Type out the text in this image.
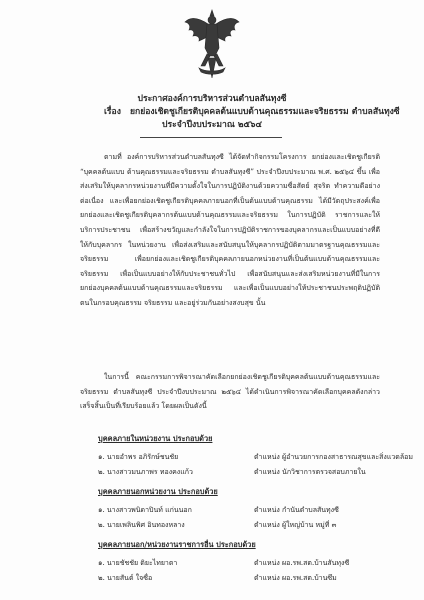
ประกาศองค์การบริหารส่วนตำบลสันทุงซี
เรื่อง ยกย่องเชิดชูเกียรติบุคคลต้นแบบด้านคุณธรรมและจริยธรรม ตำบลสันทุงซี
ประจำปีงบประมาณ ๒๕๖๔
ตามที่ องค์การบริหารส่วนตำบลสันทุงซี ได้จัดทำกิจกรรมโครงการ ยกย่องและเชิดชูเกียรติ “บุคคลต้นแบบ ด้านคุณธรรมและจริยธรรม ตำบลสันทุงซี” ประจำปีงบประมาณ พ.ศ. ๒๕๖๔ ขึ้น เพื่อส่งเสริมให้บุคลากรหน่วยงานที่มีความตั้งใจในการปฏิบัติงานด้วยความซื่อสัตย์ สุจริต ทำความดีอย่างต่อเนื่อง และเพื่อยกย่องเชิดชูเกียรติบุคคลภายนอกที่เป็นต้นแบบด้านคุณธรรม ได้มีวัตถุประสงค์เพื่อยกย่องและเชิดชูเกียรติบุคลากรต้นแบบด้านคุณธรรมและจริยธรรม ในการปฏิบัติ ราชการและให้บริการประชาชน เพื่อสร้างขวัญและกำลังใจในการปฏิบัติราชการของบุคลากรและเป็นแบบอย่างที่ดีให้กับบุคลากร ในหน่วยงาน เพื่อส่งเสริมและสนับสนุนให้บุคลากรปฏิบัติตามมาตรฐานคุณธรรมและจริยธรรม เพื่อยกย่องและเชิดชูเกียรติบุคคลภายนอกหน่วยงานที่เป็นต้นแบบด้านคุณธรรมและจริยธรรม เพื่อเป็นแบบอย่างให้กับประชาชนทั่วไป เพื่อสนับสนุนและส่งเสริมหน่วยงานที่มีในการยกย่องบุคคลต้นแบบด้านคุณธรรมและจริยธรรม และเพื่อเป็นแบบอย่างให้ประชาชนประพฤติปฏิบัติตนในกรอบคุณธรรม จริยธรรม และอยู่ร่วมกันอย่างสงบสุข นั้น
ในการนี้ คณะกรรมการพิจารณาคัดเลือกยกย่องเชิดชูเกียรติบุคคลต้นแบบด้านคุณธรรมและจริยธรรม ตำบลสันทุงซี ประจำปีงบประมาณ ๒๕๖๔ ได้ดำเนินการพิจารณาคัดเลือกบุคคลดังกล่าว เสร็จสิ้นเป็นที่เรียบร้อยแล้ว โดยผลเป็นดังนี้
บุคคลภายในหน่วยงาน ประกอบด้วย
๑. นายอำพร อภิรักษ์ชนชัย	ตำแหน่ง ผู้อำนวยการกองสาธารณสุขและสิ่งแวดล้อม
๒. นางสาวมนภาพร ทองคงแก้ว	ตำแหน่ง นักวิชาการตรวจสอบภายใน
บุคคลภายนอกหน่วยงาน ประกอบด้วย
๑. นางสาวพนิดาปินท์ แก่นนอก	ตำแหน่ง กำนันตำบลสันทุงซี
๒. นายเพลินพิศ อินทองหลาง	ตำแหน่ง ผู้ใหญ่บ้าน หมู่ที่ ๓
บุคคลภายนอก/หน่วยงานราชการอื่น ประกอบด้วย
๑. นายชัชชัย ติยะไทยาตา	ตำแหน่ง ผอ.รพ.สต.บ้านสันทุงซี
๒. นายสันต์ ใจซื่อ	ตำแหน่ง ผอ.รพ.สต.บ้านซึม
